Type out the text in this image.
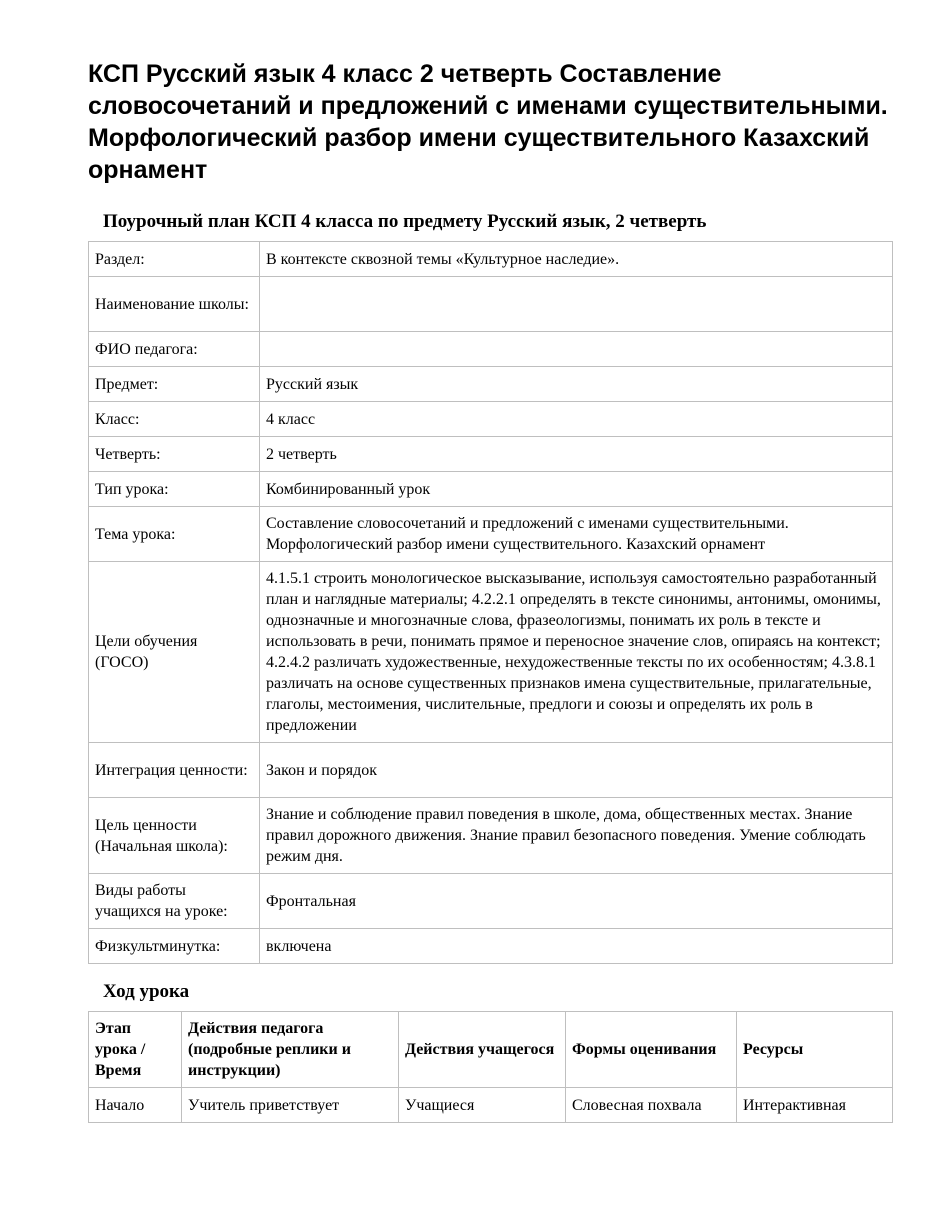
КСП Русский язык 4 класс 2 четверть Составление словосочетаний и предложений с именами существительными. Морфологический разбор имени существительного Казахский орнамент
Поурочный план КСП 4 класса по предмету Русский язык, 2 четверть
Раздел:	В контексте сквозной темы «Культурное наследие».
Наименование школы:	
ФИО педагога:	
Предмет:	Русский язык
Класс:	4 класс
Четверть:	2 четверть
Тип урока:	Комбинированный урок
Тема урока:	Составление словосочетаний и предложений с именами существительными. Морфологический разбор имени существительного. Казахский орнамент
Цели обучения (ГОСО)	4.1.5.1 строить монологическое высказывание, используя самостоятельно разработанный план и наглядные материалы; 4.2.2.1 определять в тексте синонимы, антонимы, омонимы, однозначные и многозначные слова, фразеологизмы, понимать их роль в тексте и использовать в речи, понимать прямое и переносное значение слов, опираясь на контекст; 4.2.4.2 различать художественные, нехудожественные тексты по их особенностям; 4.3.8.1 различать на основе существенных признаков имена существительные, прилагательные, глаголы, местоимения, числительные, предлоги и союзы и определять их роль в предложении
Интеграция ценности:	Закон и порядок
Цель ценности (Начальная школа):	Знание и соблюдение правил поведения в школе, дома, общественных местах. Знание правил дорожного движения. Знание правил безопасного поведения. Умение соблюдать режим дня.
Виды работы учащихся на уроке:	Фронтальная
Физкультминутка:	включена
Ход урока
Этап урока / Время	Действия педагога (подробные реплики и инструкции)	Действия учащегося	Формы оценивания	Ресурсы
Начало	Учитель приветствует	Учащиеся	Словесная похвала	Интерактивная
